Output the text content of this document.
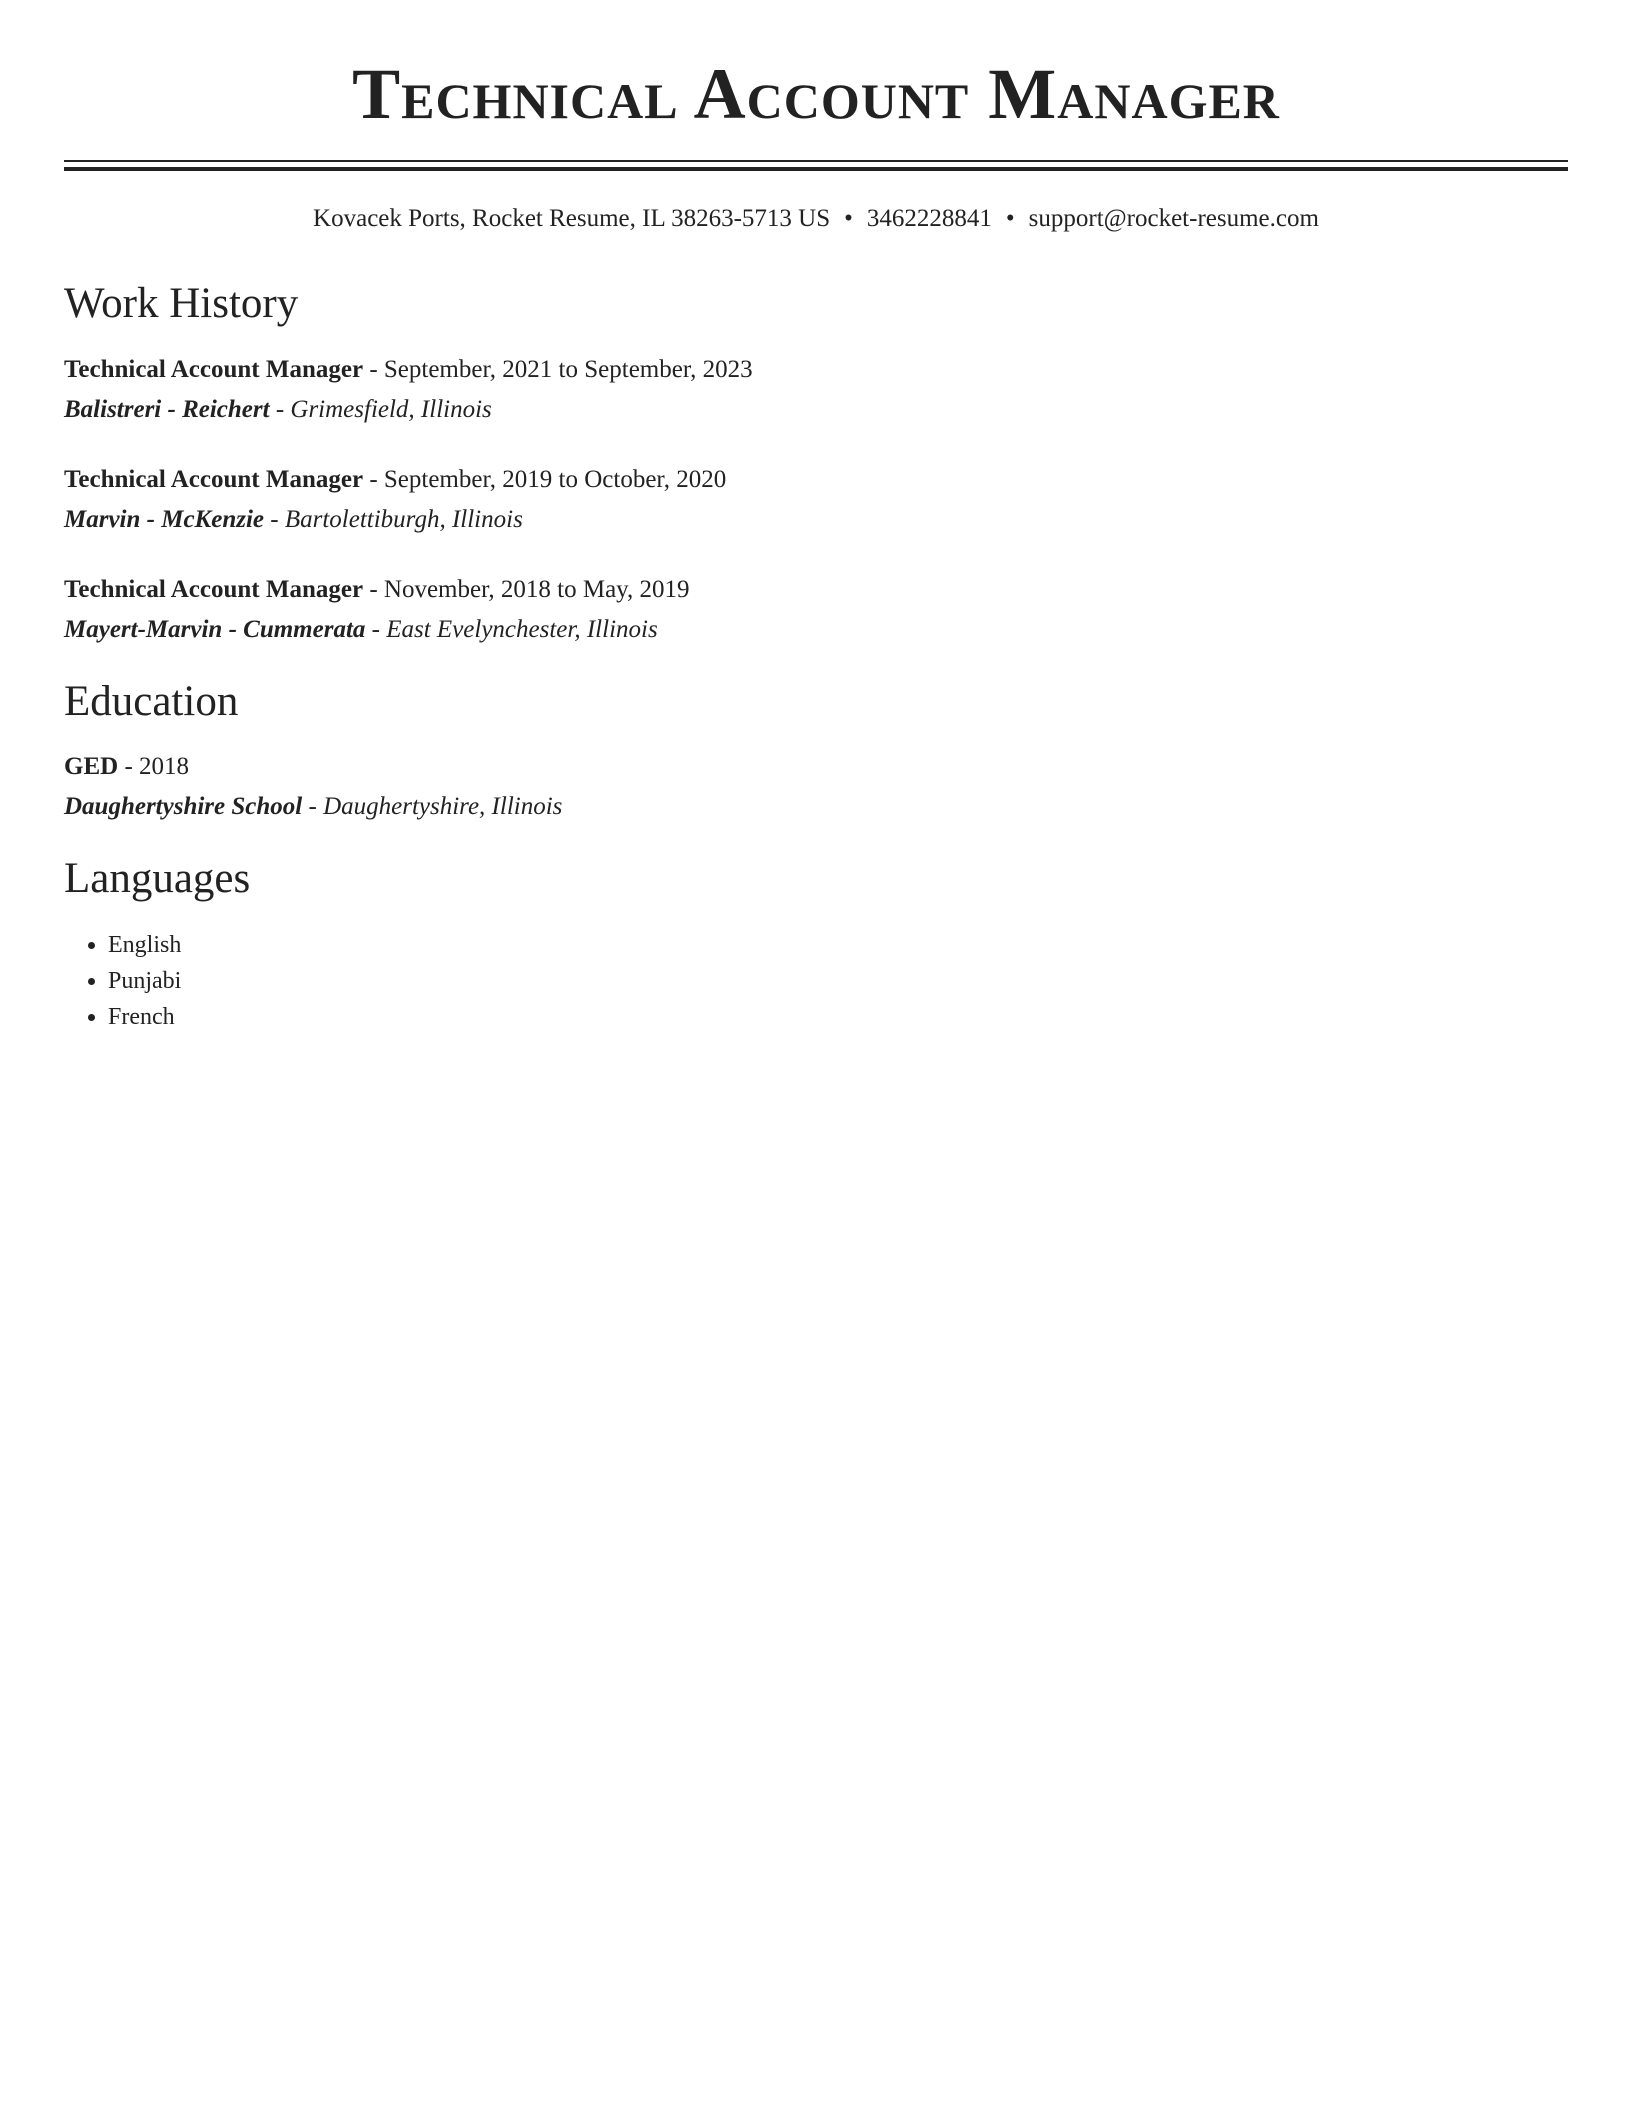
Technical Account Manager
Kovacek Ports, Rocket Resume, IL 38263-5713 US • 3462228841 • support@rocket-resume.com
Work History
Technical Account Manager - September, 2021 to September, 2023
Balistreri - Reichert - Grimesfield, Illinois
Technical Account Manager - September, 2019 to October, 2020
Marvin - McKenzie - Bartolettiburgh, Illinois
Technical Account Manager - November, 2018 to May, 2019
Mayert-Marvin - Cummerata - East Evelynchester, Illinois
Education
GED - 2018
Daughertyshire School - Daughertyshire, Illinois
Languages
• English
• Punjabi
• French
